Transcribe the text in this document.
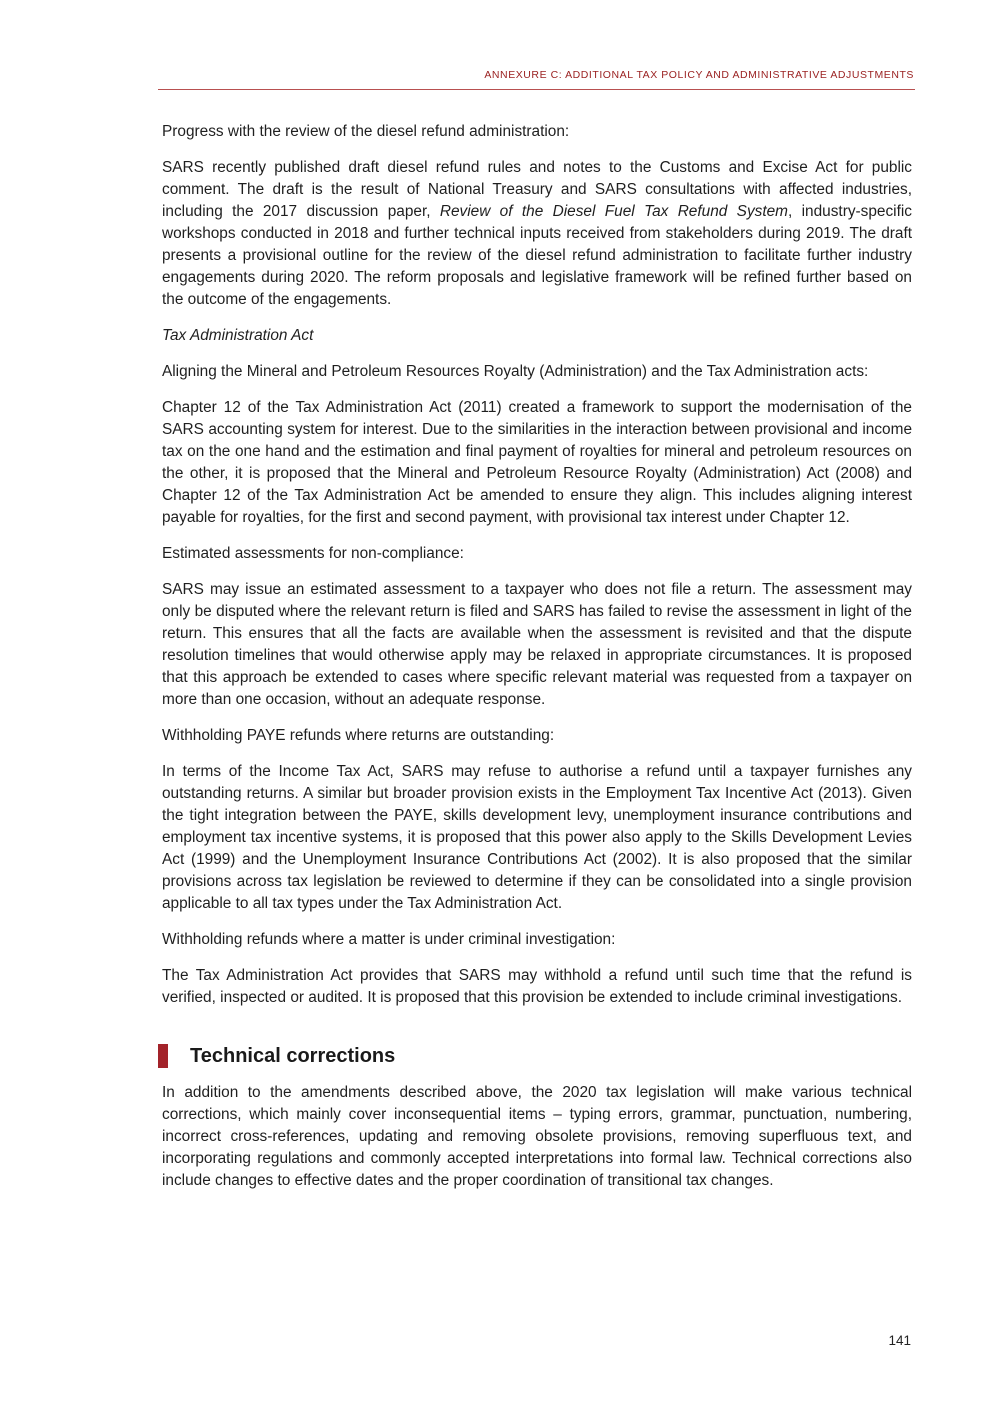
ANNEXURE C: ADDITIONAL TAX POLICY AND ADMINISTRATIVE ADJUSTMENTS

Progress with the review of the diesel refund administration:

SARS recently published draft diesel refund rules and notes to the Customs and Excise Act for public comment. The draft is the result of National Treasury and SARS consultations with affected industries, including the 2017 discussion paper, Review of the Diesel Fuel Tax Refund System, industry-specific workshops conducted in 2018 and further technical inputs received from stakeholders during 2019. The draft presents a provisional outline for the review of the diesel refund administration to facilitate further industry engagements during 2020. The reform proposals and legislative framework will be refined further based on the outcome of the engagements.

Tax Administration Act

Aligning the Mineral and Petroleum Resources Royalty (Administration) and the Tax Administration acts:

Chapter 12 of the Tax Administration Act (2011) created a framework to support the modernisation of the SARS accounting system for interest. Due to the similarities in the interaction between provisional and income tax on the one hand and the estimation and final payment of royalties for mineral and petroleum resources on the other, it is proposed that the Mineral and Petroleum Resource Royalty (Administration) Act (2008) and Chapter 12 of the Tax Administration Act be amended to ensure they align. This includes aligning interest payable for royalties, for the first and second payment, with provisional tax interest under Chapter 12.

Estimated assessments for non-compliance:

SARS may issue an estimated assessment to a taxpayer who does not file a return. The assessment may only be disputed where the relevant return is filed and SARS has failed to revise the assessment in light of the return. This ensures that all the facts are available when the assessment is revisited and that the dispute resolution timelines that would otherwise apply may be relaxed in appropriate circumstances. It is proposed that this approach be extended to cases where specific relevant material was requested from a taxpayer on more than one occasion, without an adequate response.

Withholding PAYE refunds where returns are outstanding:

In terms of the Income Tax Act, SARS may refuse to authorise a refund until a taxpayer furnishes any outstanding returns. A similar but broader provision exists in the Employment Tax Incentive Act (2013). Given the tight integration between the PAYE, skills development levy, unemployment insurance contributions and employment tax incentive systems, it is proposed that this power also apply to the Skills Development Levies Act (1999) and the Unemployment Insurance Contributions Act (2002). It is also proposed that the similar provisions across tax legislation be reviewed to determine if they can be consolidated into a single provision applicable to all tax types under the Tax Administration Act.

Withholding refunds where a matter is under criminal investigation:

The Tax Administration Act provides that SARS may withhold a refund until such time that the refund is verified, inspected or audited. It is proposed that this provision be extended to include criminal investigations.

Technical corrections

In addition to the amendments described above, the 2020 tax legislation will make various technical corrections, which mainly cover inconsequential items – typing errors, grammar, punctuation, numbering, incorrect cross-references, updating and removing obsolete provisions, removing superfluous text, and incorporating regulations and commonly accepted interpretations into formal law. Technical corrections also include changes to effective dates and the proper coordination of transitional tax changes.

141
